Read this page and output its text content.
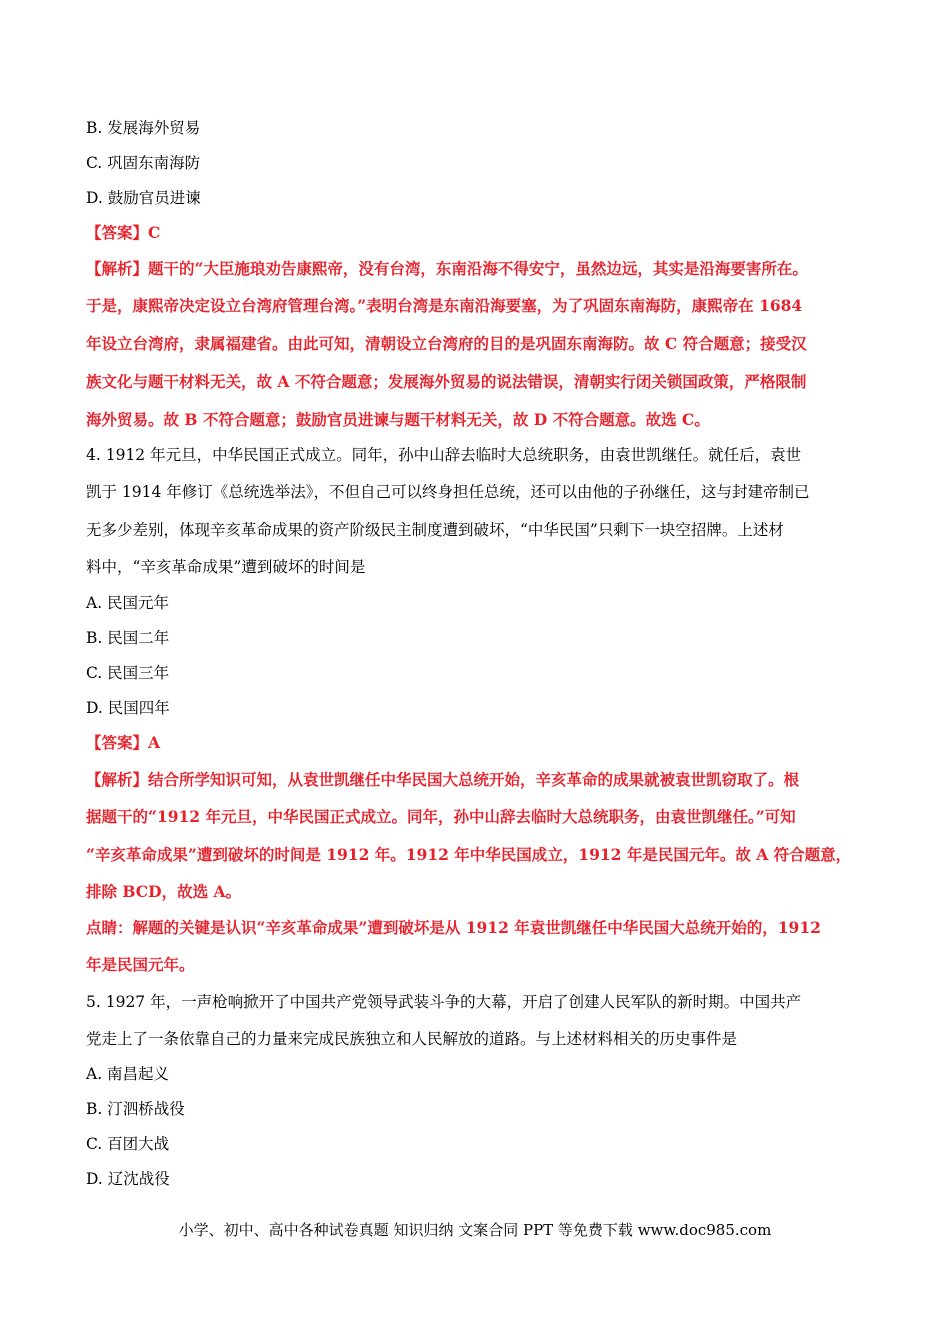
B. 发展海外贸易
C. 巩固东南海防
D. 鼓励官员进谏
【答案】C
【解析】题干的“大臣施琅劝告康熙帝，没有台湾，东南沿海不得安宁，虽然边远，其实是沿海要害所在。
于是，康熙帝决定设立台湾府管理台湾。”表明台湾是东南沿海要塞，为了巩固东南海防，康熙帝在 1684
年设立台湾府，隶属福建省。由此可知，清朝设立台湾府的目的是巩固东南海防。故 C 符合题意；接受汉
族文化与题干材料无关，故 A 不符合题意；发展海外贸易的说法错误，清朝实行闭关锁国政策，严格限制
海外贸易。故 B 不符合题意；鼓励官员进谏与题干材料无关，故 D 不符合题意。故选 C。
4. 1912 年元旦，中华民国正式成立。同年，孙中山辞去临时大总统职务，由袁世凯继任。就任后，袁世
凯于 1914 年修订《总统选举法》，不但自己可以终身担任总统，还可以由他的子孙继任，这与封建帝制已
无多少差别，体现辛亥革命成果的资产阶级民主制度遭到破坏，“中华民国”只剩下一块空招牌。上述材
料中，“辛亥革命成果”遭到破坏的时间是
A. 民国元年
B. 民国二年
C. 民国三年
D. 民国四年
【答案】A
【解析】结合所学知识可知，从袁世凯继任中华民国大总统开始，辛亥革命的成果就被袁世凯窃取了。根
据题干的“1912 年元旦，中华民国正式成立。同年，孙中山辞去临时大总统职务，由袁世凯继任。”可知
“辛亥革命成果”遭到破坏的时间是 1912 年。1912 年中华民国成立，1912 年是民国元年。故 A 符合题意，
排除 BCD，故选 A。
点睛：解题的关键是认识“辛亥革命成果”遭到破坏是从 1912 年袁世凯继任中华民国大总统开始的，1912
年是民国元年。
5. 1927 年，一声枪响掀开了中国共产党领导武装斗争的大幕，开启了创建人民军队的新时期。中国共产
党走上了一条依靠自己的力量来完成民族独立和人民解放的道路。与上述材料相关的历史事件是
A. 南昌起义
B. 汀泗桥战役
C. 百团大战
D. 辽沈战役
小学、初中、高中各种试卷真题 知识归纳 文案合同 PPT 等免费下载 www.doc985.com
